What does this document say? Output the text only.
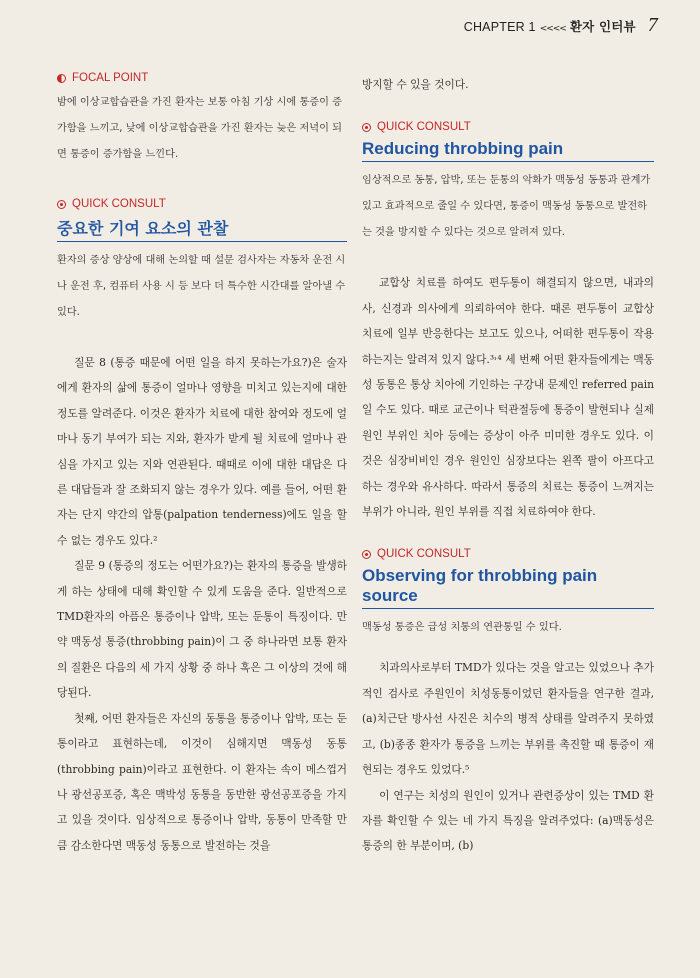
CHAPTER 1 <<<< 환자 인터뷰 7
FOCAL POINT

밤에 이상교합습관을 가진 환자는 보통 아침 기상 시에 통증이 증가함을 느끼고, 낮에 이상교합습관을 가진 환자는 늦은 저녁이 되면 통증이 증가함을 느낀다.

QUICK CONSULT
중요한 기여 요소의 관찰

환자의 증상 양상에 대해 논의할 때 설문 검사자는 자동차 운전 시나 운전 후, 컴퓨터 사용 시 등 보다 더 특수한 시간대를 알아낼 수 있다.

질문 8 (통증 때문에 어떤 일을 하지 못하는가요?)은 술자에게 환자의 삶에 통증이 얼마나 영향을 미치고 있는지에 대한 정도를 알려준다. 이것은 환자가 치료에 대한 참여와 정도에 얼마나 동기 부여가 되는 지와, 환자가 받게 될 치료에 얼마나 관심을 가지고 있는 지와 연관된다. 때때로 이에 대한 대답은 다른 대답들과 잘 조화되지 않는 경우가 있다. 예를 들어, 어떤 환자는 단지 약간의 압통(palpation tenderness)에도 일을 할 수 없는 경우도 있다.²

질문 9 (통증의 정도는 어떤가요?)는 환자의 통증을 발생하게 하는 상태에 대해 확인할 수 있게 도움을 준다. 일반적으로 TMD환자의 아픔은 통증이나 압박, 또는 둔통이 특징이다. 만약 맥동성 통증(throbbing pain)이 그 중 하나라면 보통 환자의 질환은 다음의 세 가지 상황 중 하나 혹은 그 이상의 것에 해당된다.

첫째, 어떤 환자들은 자신의 동통을 통증이나 압박, 또는 둔통이라고 표현하는데, 이것이 심해지면 맥동성 동통(throbbing pain)이라고 표현한다. 이 환자는 속이 메스껍거나 광선공포증, 혹은 맥박성 동통을 동반한 광선공포증을 가지고 있을 것이다. 임상적으로 통증이나 압박, 동통이 만족할 만큼 감소한다면 맥동성 동통으로 발전하는 것을

방지할 수 있을 것이다.

QUICK CONSULT
Reducing throbbing pain

임상적으로 동통, 압박, 또는 둔통의 악화가 맥동성 동통과 관계가 있고 효과적으로 줄일 수 있다면, 통증이 맥동성 동통으로 발전하는 것을 방지할 수 있다는 것으로 알려져 있다.

교합상 치료를 하여도 편두통이 해결되지 않으면, 내과의사, 신경과 의사에게 의뢰하여야 한다. 때론 편두통이 교합상 치료에 일부 반응한다는 보고도 있으나, 어떠한 편두통이 작용하는지는 알려져 있지 않다.³˒⁴ 세 번째 어떤 환자들에게는 맥동성 동통은 통상 치아에 기인하는 구강내 문제인 referred pain일 수도 있다. 때로 교근이나 턱관절등에 통증이 발현되나 실제 원인 부위인 치아 등에는 증상이 아주 미미한 경우도 있다. 이것은 심장비비인 경우 원인인 심장보다는 왼쪽 팔이 아프다고 하는 경우와 유사하다. 따라서 통증의 치료는 통증이 느껴지는 부위가 아니라, 원인 부위를 직접 치료하여야 한다.

QUICK CONSULT
Observing for throbbing pain source

맥동성 통증은 급성 치통의 연관통일 수 있다.

치과의사로부터 TMD가 있다는 것을 알고는 있었으나 추가적인 검사로 주원인이 치성동통이었던 환자들을 연구한 결과, (a)치근단 방사선 사진은 치수의 병적 상태를 알려주지 못하였고, (b)종종 환자가 통증을 느끼는 부위를 촉진할 때 통증이 재현되는 경우도 있었다.⁵

이 연구는 치성의 원인이 있거나 관련증상이 있는 TMD 환자를 확인할 수 있는 네 가지 특징을 알려주었다: (a)맥동성은 통증의 한 부분이며, (b)
